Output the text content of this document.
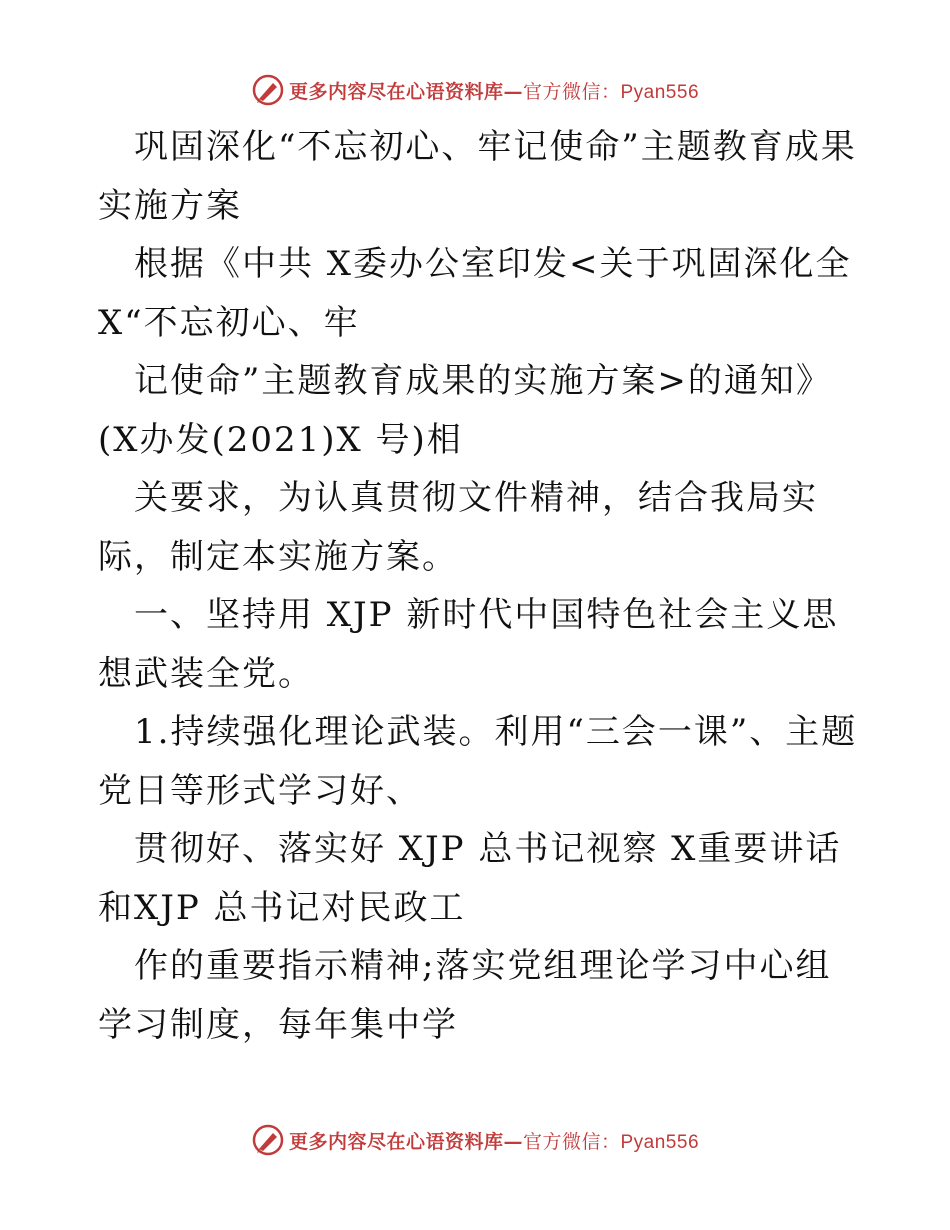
更多内容尽在心语资料库—官方微信：Pyan556

巩固深化“不忘初心、牢记使命”主题教育成果实施方案

根据《中共 X委办公室印发<关于巩固深化全X“不忘初心、牢

记使命”主题教育成果的实施方案>的通知》(X办发(2021)X 号)相

关要求，为认真贯彻文件精神，结合我局实际，制定本实施方案。

一、坚持用 XJP 新时代中国特色社会主义思想武装全党。

1.持续强化理论武装。利用“三会一课”、主题党日等形式学习好、

贯彻好、落实好 XJP 总书记视察 X重要讲话和XJP 总书记对民政工

作的重要指示精神;落实党组理论学习中心组学习制度，每年集中学

更多内容尽在心语资料库—官方微信：Pyan556
